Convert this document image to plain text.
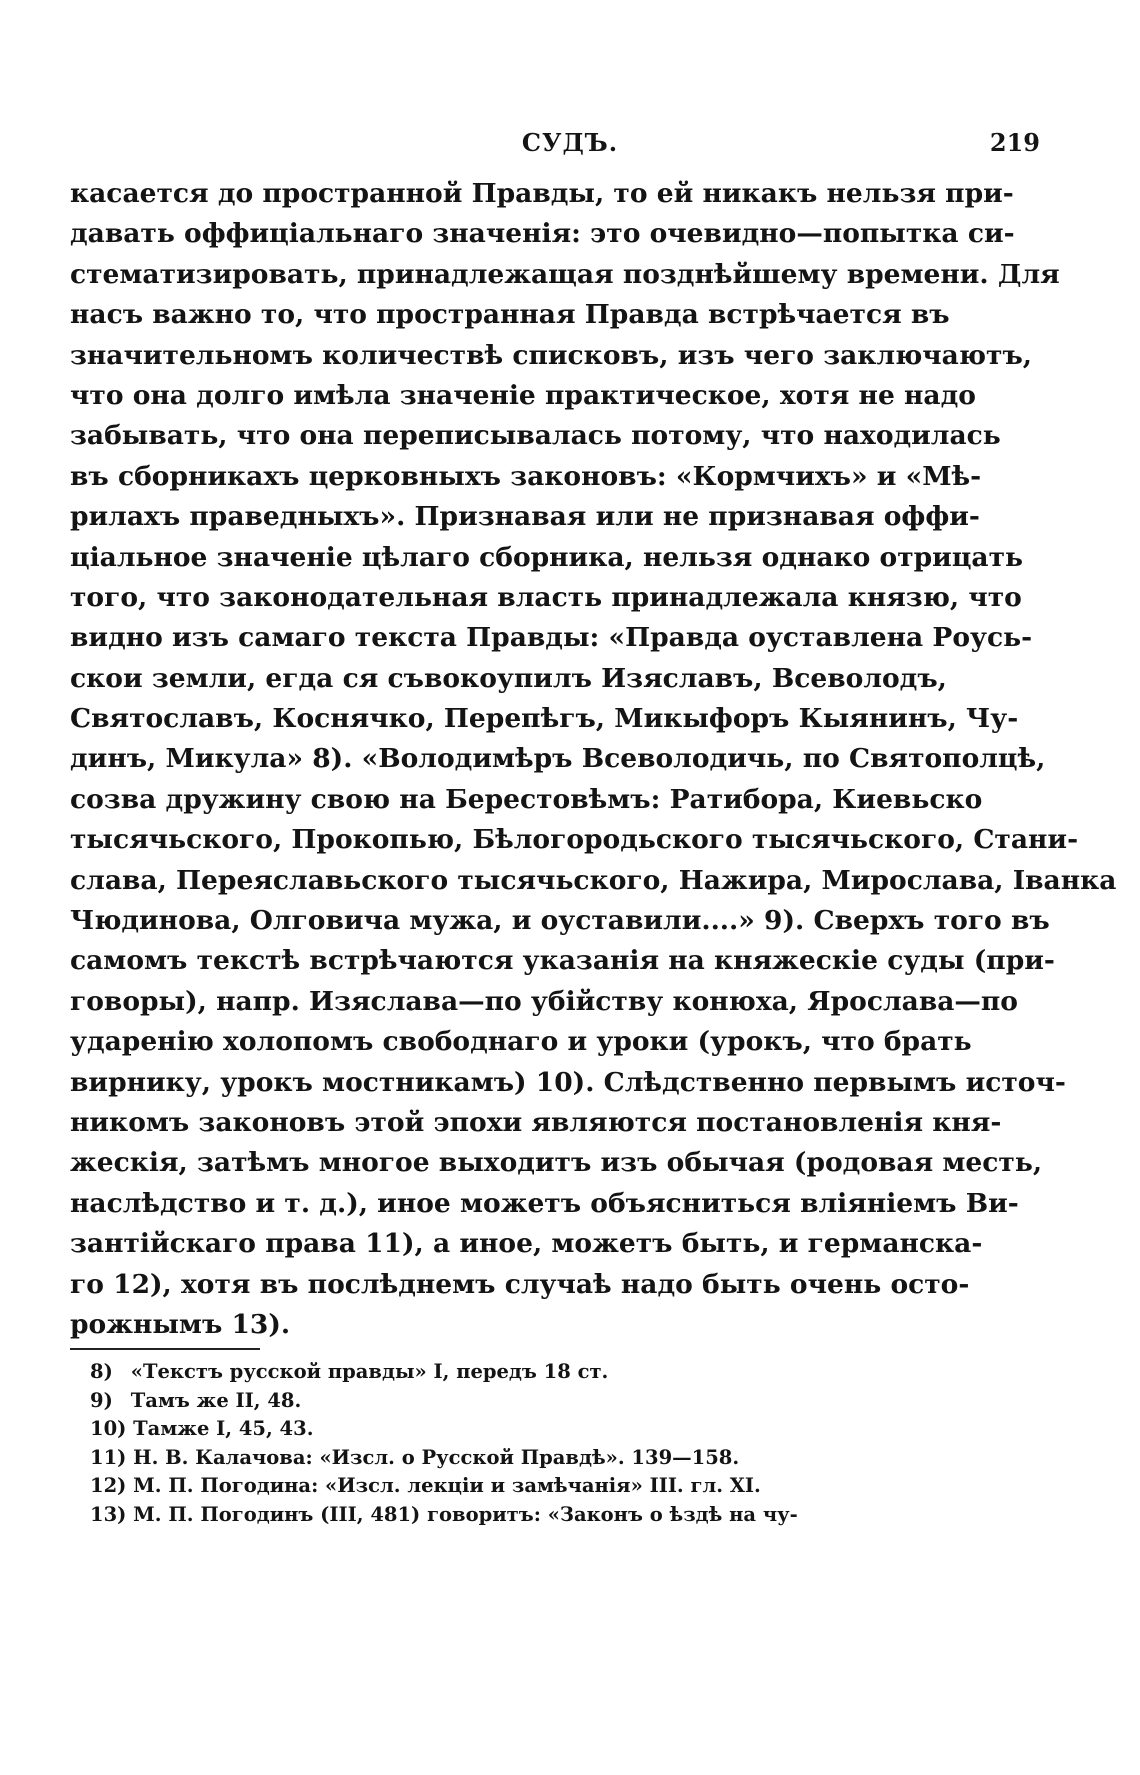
СУДЪ.	219
касается до пространной Правды, то ей никакъ нельзя при-
давать оффиціальнаго значенія: это очевидно—попытка си-
стематизировать, принадлежащая позднѣйшему времени. Для
насъ важно то, что пространная Правда встрѣчается въ
значительномъ количествѣ списковъ, изъ чего заключаютъ,
что она долго имѣла значеніе практическое, хотя не надо
забывать, что она переписывалась потому, что находилась
въ сборникахъ церковныхъ законовъ: «Кормчихъ» и «Мѣ-
рилахъ праведныхъ». Признавая или не признавая оффи-
ціальное значеніе цѣлаго сборника, нельзя однако отрицать
того, что законодательная власть принадлежала князю, что
видно изъ самаго текста Правды: «Правда оуставлена Роусь-
скои земли, егда ся съвокоупилъ Изяславъ, Всеволодъ,
Святославъ, Коснячко, Перепѣгъ, Микыфоръ Кыянинъ, Чу-
динъ, Микула» 8). «Володимѣръ Всеволодичь, по Святополцѣ,
созва дружину свою на Берестовѣмъ: Ратибора, Киевьско
тысячьского, Прокопью, Бѣлогородьского тысячьского, Стани-
слава, Переяславьского тысячьского, Нажира, Мирослава, Іванка
Чюдинова, Олговича мужа, и оуставили....» 9). Сверхъ того въ
самомъ текстѣ встрѣчаются указанія на княжескіе суды (при-
говоры), напр. Изяслава—по убійству конюха, Ярослава—по
ударенію холопомъ свободнаго и уроки (урокъ, что брать
вирнику, урокъ мостникамъ) 10). Слѣдственно первымъ источ-
никомъ законовъ этой эпохи являются постановленія кня-
жескія, затѣмъ многое выходитъ изъ обычая (родовая месть,
наслѣдство и т. д.), иное можетъ объясниться вліяніемъ Ви-
зантійскаго права 11), а иное, можетъ быть, и германска-
го 12), хотя въ послѣднемъ случаѣ надо быть очень осто-
рожнымъ 13).
8) «Текстъ русской правды» I, передъ 18 ст.
9) Тамъ же II, 48.
10) Тамже I, 45, 43.
11) Н. В. Калачова: «Изсл. о Русской Правдѣ». 139—158.
12) М. П. Погодина: «Изсл. лекціи и замѣчанія» III. гл. XI.
13) М. П. Погодинъ (III, 481) говоритъ: «Законъ о ѣздѣ на чу-
